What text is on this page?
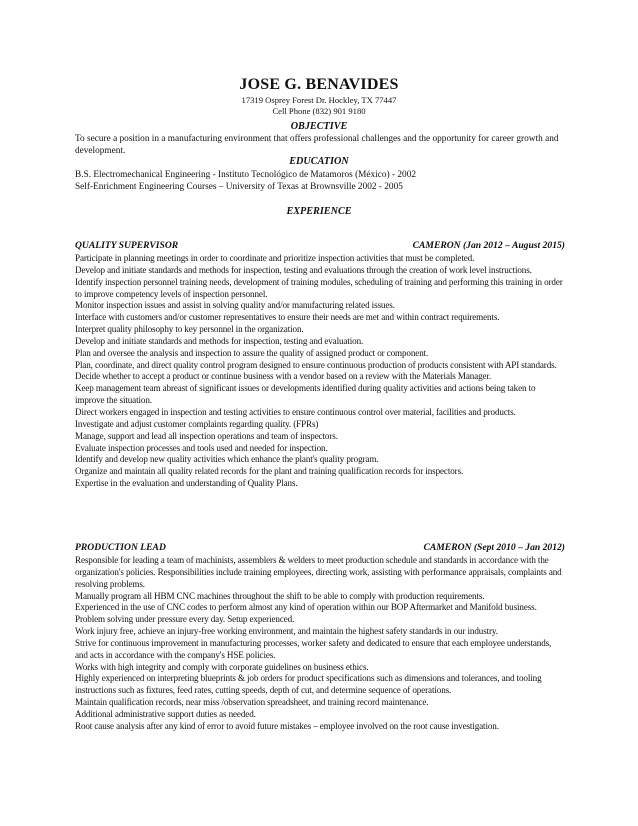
JOSE G. BENAVIDES
17319 Osprey Forest Dr. Hockley, TX 77447
Cell Phone (832) 901 9180
OBJECTIVE

To secure a position in a manufacturing environment that offers professional challenges and the opportunity for career growth and development.

EDUCATION
B.S. Electromechanical Engineering - Instituto Tecnológico de Matamoros (México) - 2002
Self-Enrichment Engineering Courses – University of Texas at Brownsville 2002 - 2005
EXPERIENCE
QUALITY SUPERVISOR	CAMERON (Jan 2012 – August 2015)
Participate in planning meetings in order to coordinate and prioritize inspection activities that must be completed.
Develop and initiate standards and methods for inspection, testing and evaluations through the creation of work level instructions.
Identify inspection personnel training needs, development of training modules, scheduling of training and performing this training in order to improve competency levels of inspection personnel.
Monitor inspection issues and assist in solving quality and/or manufacturing related issues.
Interface with customers and/or customer representatives to ensure their needs are met and within contract requirements.
Interpret quality philosophy to key personnel in the organization.
Develop and initiate standards and methods for inspection, testing and evaluation.
Plan and oversee the analysis and inspection to assure the quality of assigned product or component.
Plan, coordinate, and direct quality control program designed to ensure continuous production of products consistent with API standards.
Decide whether to accept a product or continue business with a vendor based on a review with the Materials Manager.
Keep management team abreast of significant issues or developments identified during quality activities and actions being taken to improve the situation.
Direct workers engaged in inspection and testing activities to ensure continuous control over material, facilities and products.
Investigate and adjust customer complaints regarding quality. (FPRs)
Manage, support and lead all inspection operations and team of inspectors.
Evaluate inspection processes and tools used and needed for inspection.
Identify and develop new quality activities which enhance the plant's quality program.
Organize and maintain all quality related records for the plant and training qualification records for inspectors.
Expertise in the evaluation and understanding of Quality Plans.
PRODUCTION LEAD	CAMERON (Sept 2010 – Jan 2012)
Responsible for leading a team of machinists, assemblers & welders to meet production schedule and standards in accordance with the organization's policies. Responsibilities include training employees, directing work, assisting with performance appraisals, complaints and resolving problems.
Manually program all HBM CNC machines throughout the shift to be able to comply with production requirements.
Experienced in the use of CNC codes to perform almost any kind of operation within our BOP Aftermarket and Manifold business. Problem solving under pressure every day. Setup experienced.
Work injury free, achieve an injury-free working environment, and maintain the highest safety standards in our industry.
Strive for continuous improvement in manufacturing processes, worker safety and dedicated to ensure that each employee understands, and acts in accordance with the company's HSE policies.
Works with high integrity and comply with corporate guidelines on business ethics.
Highly experienced on interpreting blueprints & job orders for product specifications such as dimensions and tolerances, and tooling instructions such as fixtures, feed rates, cutting speeds, depth of cut, and determine sequence of operations.
Maintain qualification records, near miss /observation spreadsheet, and training record maintenance.
Additional administrative support duties as needed.
Root cause analysis after any kind of error to avoid future mistakes – employee involved on the root cause investigation.
